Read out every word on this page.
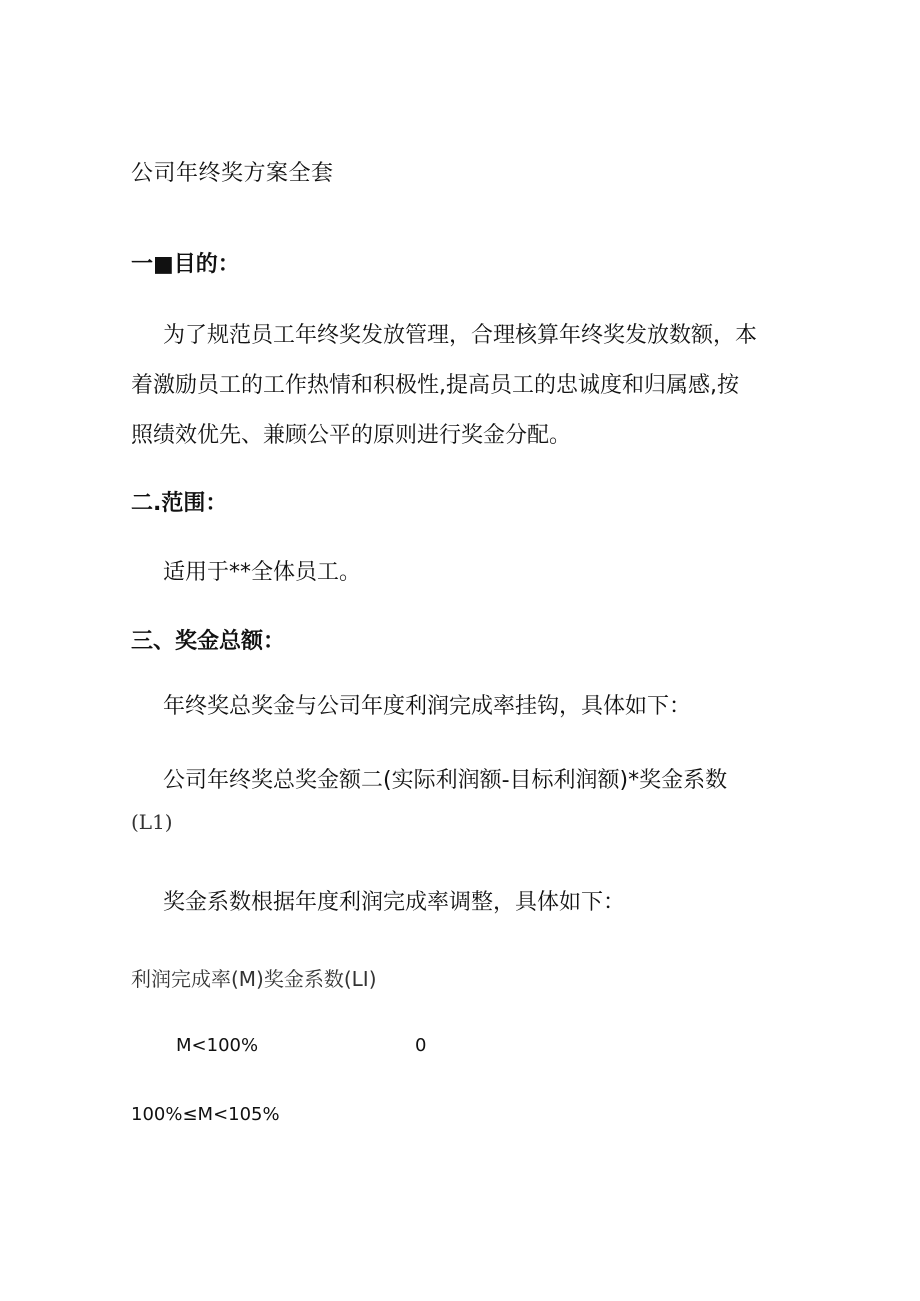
公司年终奖方案全套

一■目的：

为了规范员工年终奖发放管理，合理核算年终奖发放数额，本

着激励员工的工作热情和积极性,提高员工的忠诚度和归属感,按

照绩效优先、兼顾公平的原则进行奖金分配。

二.范围：

适用于**全体员工。

三、奖金总额：

年终奖总奖金与公司年度利润完成率挂钩，具体如下：

公司年终奖总奖金额二(实际利润额-目标利润额)*奖金系数

(L1)

奖金系数根据年度利润完成率调整，具体如下：

利润完成率(M)奖金系数(LI)

M<100%	0

100%≤M<105%
